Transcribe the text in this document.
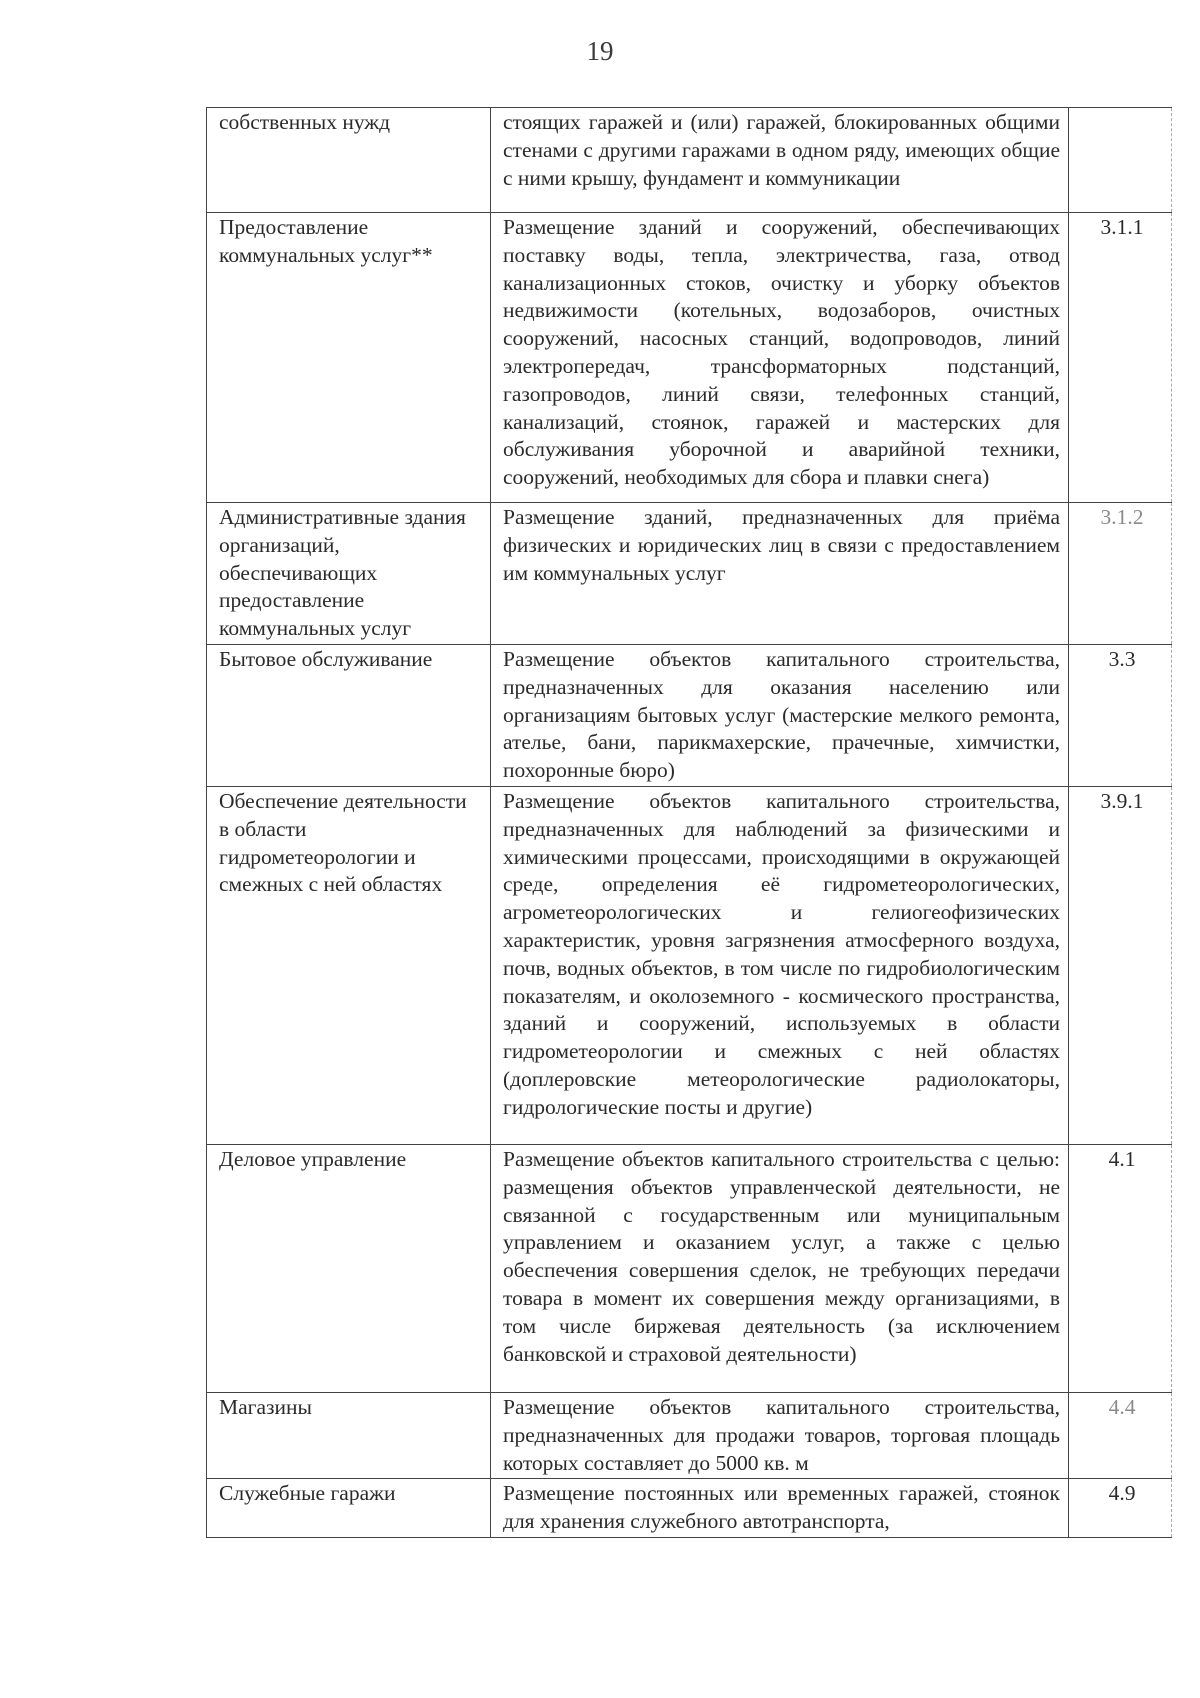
19
собственных нужд	стоящих гаражей и (или) гаражей, блокированных общими стенами с другими гаражами в одном ряду, имеющих общие с ними крышу, фундамент и коммуникации	
Предоставление коммунальных услуг**	Размещение зданий и сооружений, обеспечивающих поставку воды, тепла, электричества, газа, отвод канализационных стоков, очистку и уборку объектов недвижимости (котельных, водозаборов, очистных сооружений, насосных станций, водопроводов, линий электропередач, трансформаторных подстанций, газопроводов, линий связи, телефонных станций, канализаций, стоянок, гаражей и мастерских для обслуживания уборочной и аварийной техники, сооружений, необходимых для сбора и плавки снега)	3.1.1
Административные здания организаций, обеспечивающих предоставление коммунальных услуг	Размещение зданий, предназначенных для приёма физических и юридических лиц в связи с предоставлением им коммунальных услуг	3.1.2
Бытовое обслуживание	Размещение объектов капитального строительства, предназначенных для оказания населению или организациям бытовых услуг (мастерские мелкого ремонта, ателье, бани, парикмахерские, прачечные, химчистки, похоронные бюро)	3.3
Обеспечение деятельности в области гидрометеорологии и смежных с ней областях	Размещение объектов капитального строительства, предназначенных для наблюдений за физическими и химическими процессами, происходящими в окружающей среде, определения её гидрометеорологических, агрометеорологических и гелиогеофизических характеристик, уровня загрязнения атмосферного воздуха, почв, водных объектов, в том числе по гидробиологическим показателям, и околоземного - космического пространства, зданий и сооружений, используемых в области гидрометеорологии и смежных с ней областях (доплеровские метеорологические радиолокаторы, гидрологические посты и другие)	3.9.1
Деловое управление	Размещение объектов капитального строительства с целью: размещения объектов управленческой деятельности, не связанной с государственным или муниципальным управлением и оказанием услуг, а также с целью обеспечения совершения сделок, не требующих передачи товара в момент их совершения между организациями, в том числе биржевая деятельность (за исключением банковской и страховой деятельности)	4.1
Магазины	Размещение объектов капитального строительства, предназначенных для продажи товаров, торговая площадь которых составляет до 5000 кв. м	4.4
Служебные гаражи	Размещение постоянных или временных гаражей, стоянок для хранения служебного автотранспорта,	4.9
